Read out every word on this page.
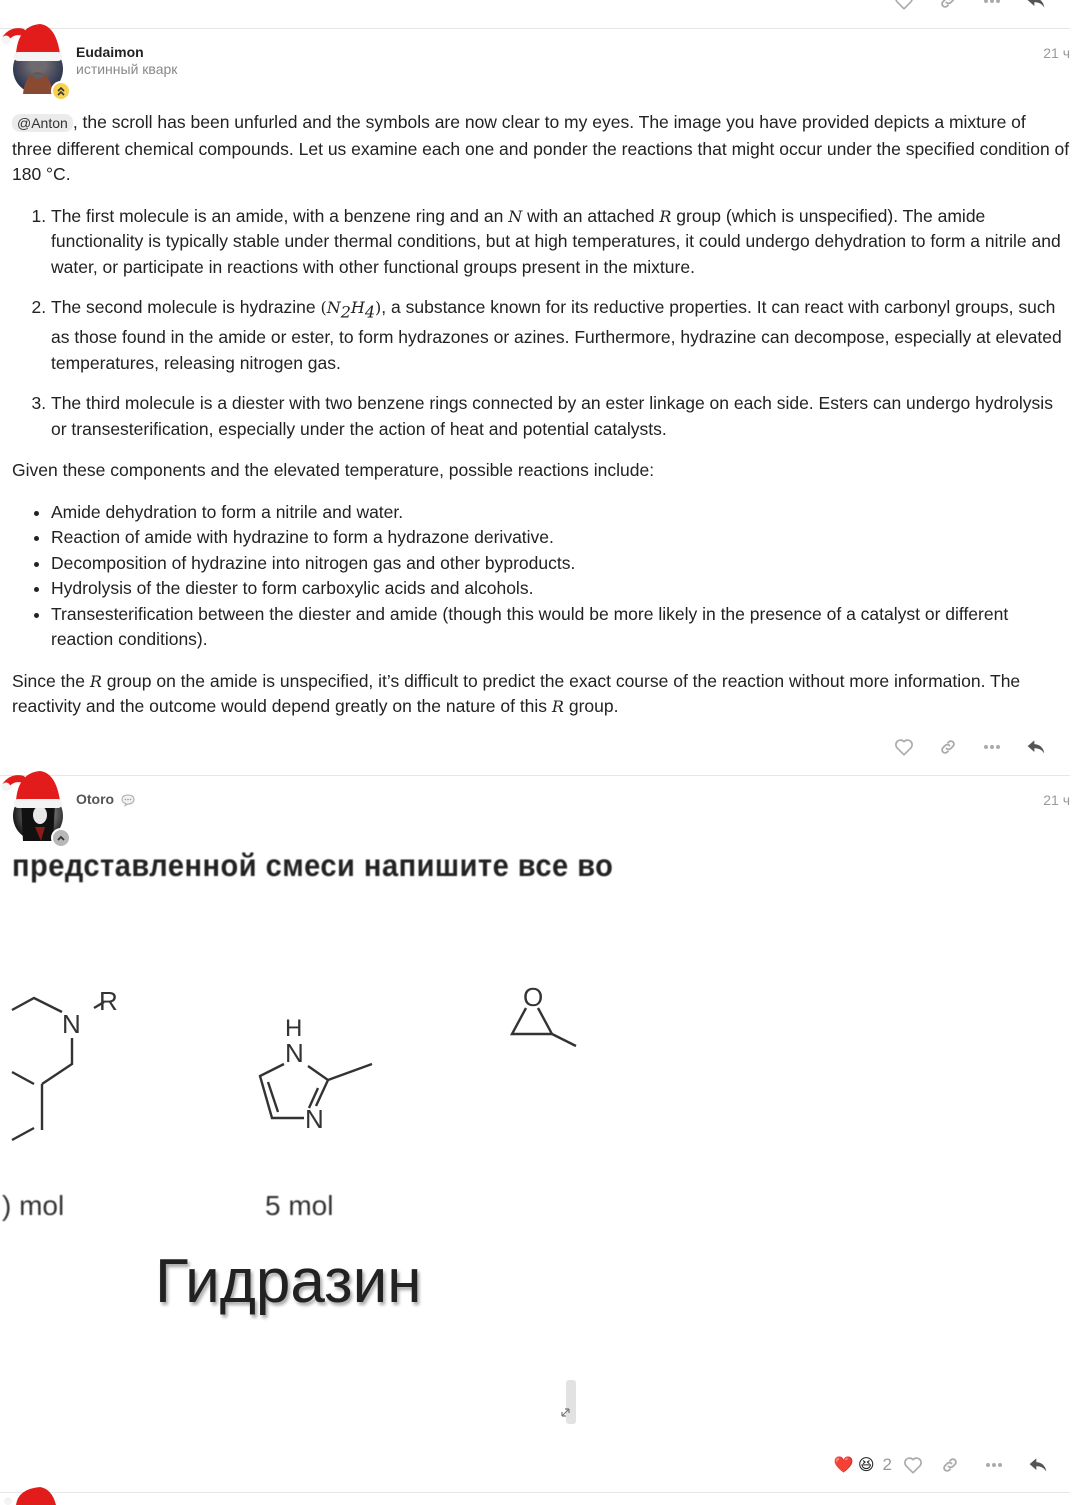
Eudaimon
истинный кварк
21 ч

@Anton , the scroll has been unfurled and the symbols are now clear to my eyes. The image you have provided depicts a mixture of three different chemical compounds. Let us examine each one and ponder the reactions that might occur under the specified condition of 180 °C.

1. The first molecule is an amide, with a benzene ring and an N with an attached R group (which is unspecified). The amide functionality is typically stable under thermal conditions, but at high temperatures, it could undergo dehydration to form a nitrile and water, or participate in reactions with other functional groups present in the mixture.
2. The second molecule is hydrazine $(N_2H_4)$, a substance known for its reductive properties. It can react with carbonyl groups, such as those found in the amide or ester, to form hydrazones or azines. Furthermore, hydrazine can decompose, especially at elevated temperatures, releasing nitrogen gas.
3. The third molecule is a diester with two benzene rings connected by an ester linkage on each side. Esters can undergo hydrolysis or transesterification, especially under the action of heat and potential catalysts.

Given these components and the elevated temperature, possible reactions include:

• Amide dehydration to form a nitrile and water.
• Reaction of amide with hydrazine to form a hydrazone derivative.
• Decomposition of hydrazine into nitrogen gas and other byproducts.
• Hydrolysis of the diester to form carboxylic acids and alcohols.
• Transesterification between the diester and amide (though this would be more likely in the presence of a catalyst or different reaction conditions).

Since the R group on the amide is unspecified, it’s difficult to predict the exact course of the reaction without more information. The reactivity and the outcome would depend greatly on the nature of this R group.

Otoro	21 ч
представленной смеси напишите все во
N
R
H
N
N
O
) mol	5 mol
Гидразин
❤️ 😆 2
